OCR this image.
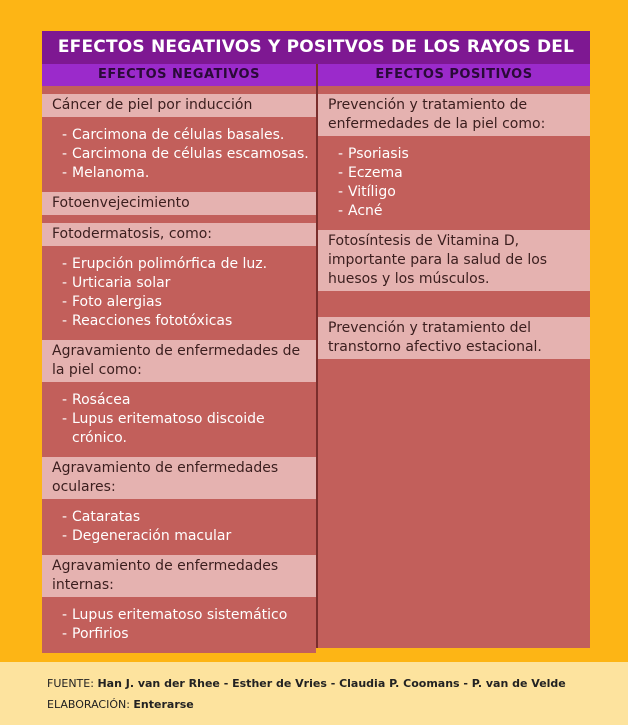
EFECTOS NEGATIVOS Y POSITVOS DE LOS RAYOS DEL
EFECTOS NEGATIVOS	EFECTOS POSITIVOS
Cáncer de piel por inducción
- Carcimona de células basales.
- Carcimona de células escamosas.
- Melanoma.
Fotoenvejecimiento
Fotodermatosis, como:
- Erupción polimórfica de luz.
- Urticaria solar
- Foto alergias
- Reacciones fototóxicas
Agravamiento de enfermedades de la piel como:
- Rosácea
- Lupus eritematoso discoide crónico.
Agravamiento de enfermedades oculares:
- Cataratas
- Degeneración macular
Agravamiento de enfermedades internas:
- Lupus eritematoso sistemático
- Porfirios
Prevención y tratamiento de enfermedades de la piel como:
- Psoriasis
- Eczema
- Vitíligo
- Acné
Fotosíntesis de Vitamina D, importante para la salud de los huesos y los músculos.
Prevención y tratamiento del transtorno afectivo estacional.
FUENTE: Han J. van der Rhee - Esther de Vries - Claudia P. Coomans - P. van de Velde
ELABORACIÓN: Enterarse
